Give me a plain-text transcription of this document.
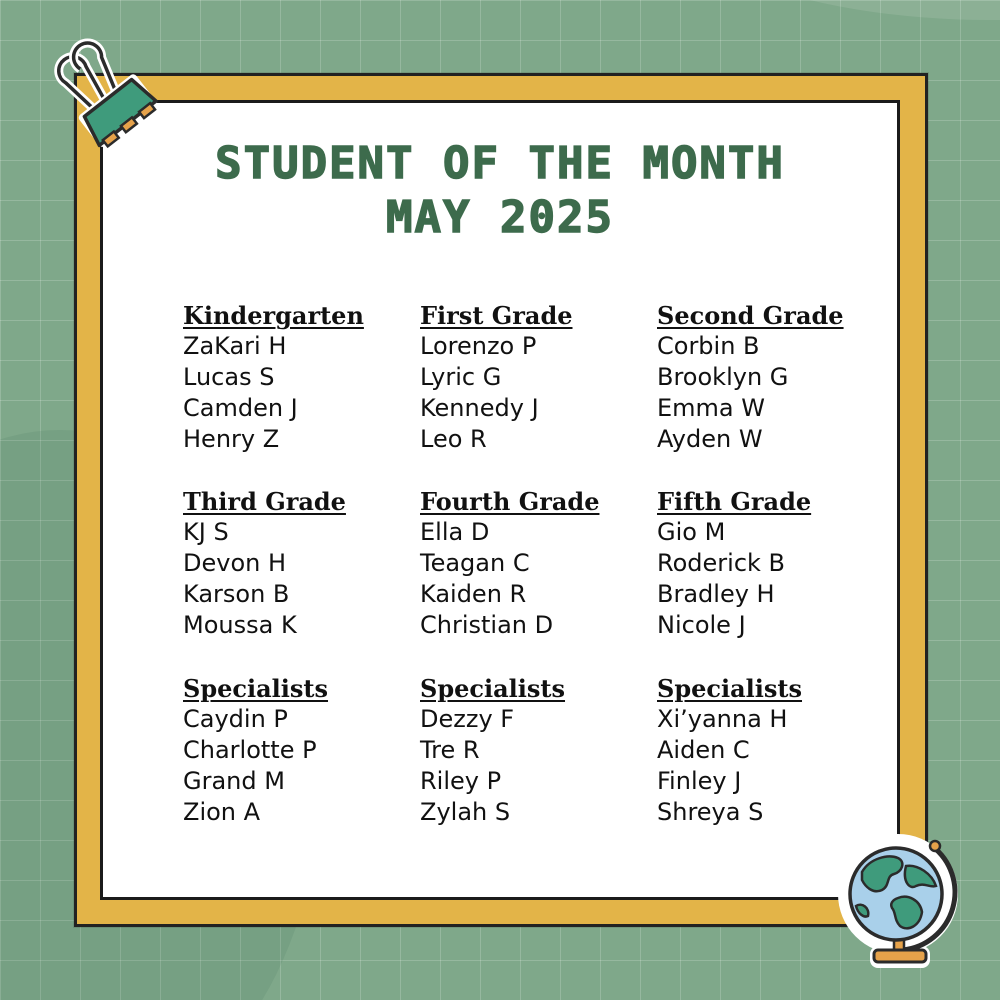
STUDENT OF THE MONTH
MAY 2025
Kindergarten
ZaKari H
Lucas S
Camden J
Henry Z
First Grade
Lorenzo P
Lyric G
Kennedy J
Leo R
Second Grade
Corbin B
Brooklyn G
Emma W
Ayden W
Third Grade
KJ S
Devon H
Karson B
Moussa K
Fourth Grade
Ella D
Teagan C
Kaiden R
Christian D
Fifth Grade
Gio M
Roderick B
Bradley H
Nicole J
Specialists
Caydin P
Charlotte P
Grand M
Zion A
Specialists
Dezzy F
Tre R
Riley P
Zylah S
Specialists
Xi’yanna H
Aiden C
Finley J
Shreya S
